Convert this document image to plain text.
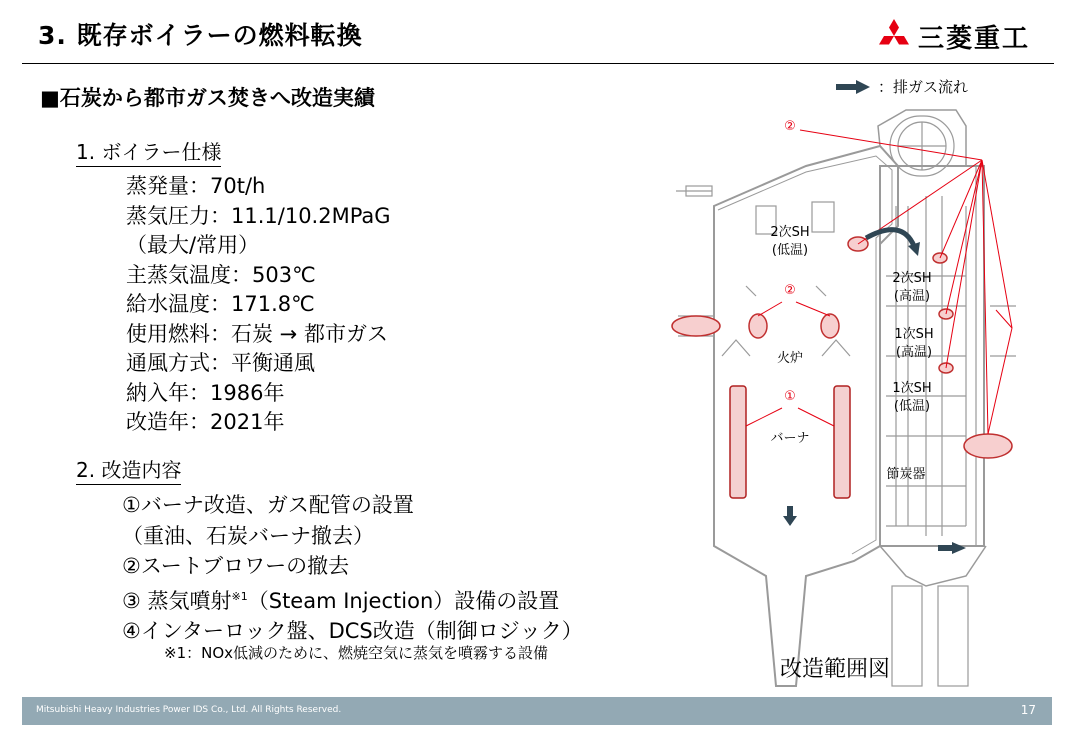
3. 既存ボイラーの燃料転換	三菱重工
■石炭から都市ガス焚きへ改造実績	：排ガス流れ
1. ボイラー仕様
蒸発量：70t/h
蒸気圧力：11.1/10.2MPaG
（最大/常用）
主蒸気温度：503℃
給水温度：171.8℃
使用燃料：石炭 → 都市ガス
通風方式：平衡通風
納入年：1986年
改造年：2021年
2. 改造内容
①バーナ改造、ガス配管の設置
（重油、石炭バーナ撤去）
②スートブロワーの撤去
③ 蒸気噴射$^{※1}$（Steam Injection）設備の設置
④インターロック盤、DCS改造（制御ロジック）
※1：NOx低減のために、燃焼空気に蒸気を噴霧する設備
②
②
①
2次SH
(低温)
2次SH
(高温)
1次SH
(高温)
1次SH
(低温)
火炉
バーナ
節炭器
改造範囲図
Mitsubishi Heavy Industries Power IDS Co., Ltd. All Rights Reserved.	17
